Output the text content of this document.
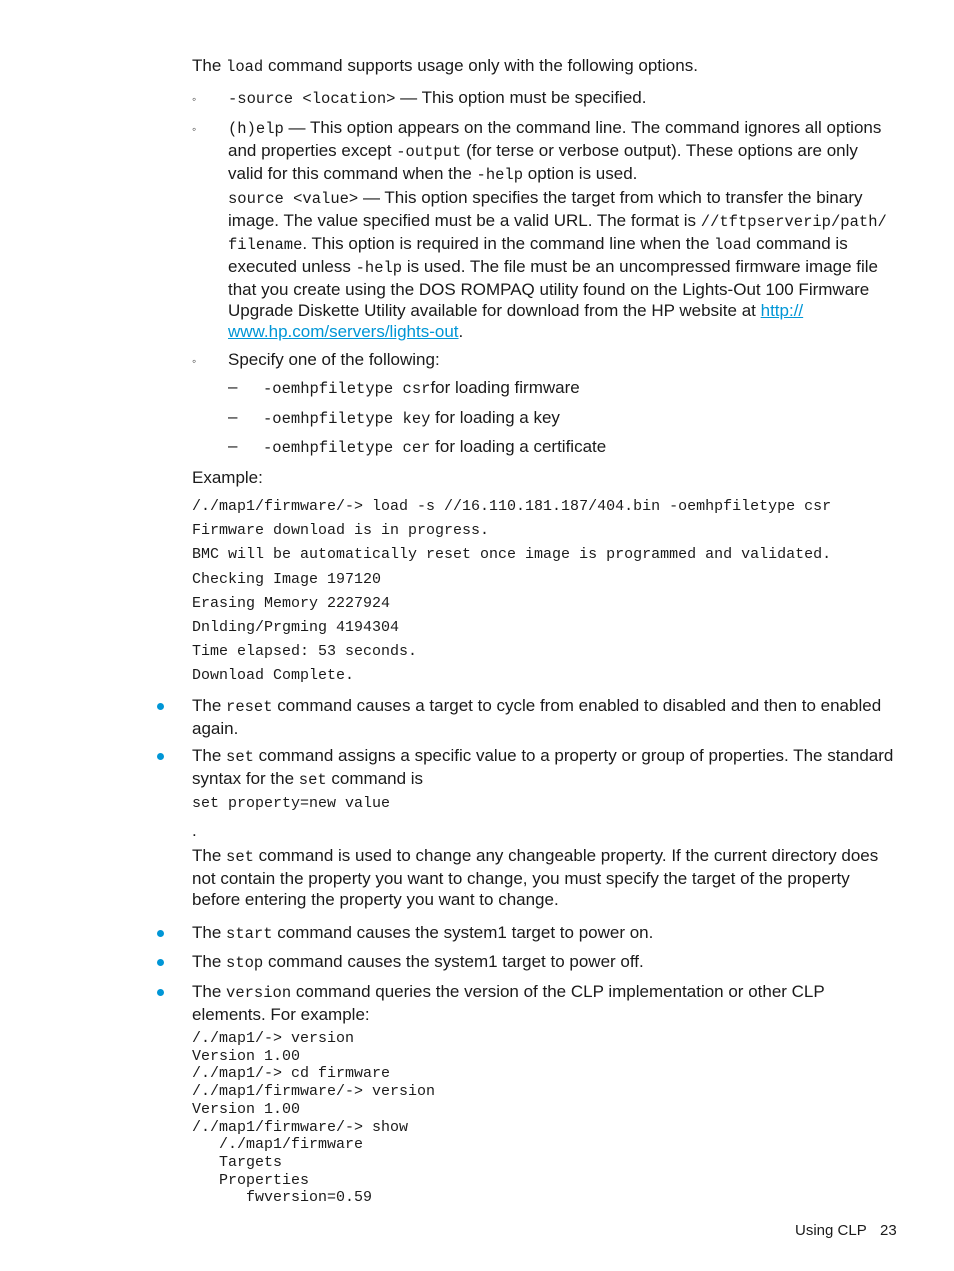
The load command supports usage only with the following options.

◦ -source <location> — This option must be specified.

◦ (h)elp — This option appears on the command line. The command ignores all options and properties except -output (for terse or verbose output). These options are only valid for this command when the -help option is used.

source <value> — This option specifies the target from which to transfer the binary image. The value specified must be a valid URL. The format is //tftpserverip/path/ filename. This option is required in the command line when the load command is executed unless -help is used. The file must be an uncompressed firmware image file that you create using the DOS ROMPAQ utility found on the Lights-Out 100 Firmware Upgrade Diskette Utility available for download from the HP website at http:// www.hp.com/servers/lights-out.

◦ Specify one of the following:

– -oemhpfiletype csrfor loading firmware

– -oemhpfiletype key for loading a key

– -oemhpfiletype cer for loading a certificate

Example:

/./map1/firmware/-> load -s //16.110.181.187/404.bin -oemhpfiletype csr
Firmware download is in progress.
BMC will be automatically reset once image is programmed and validated.
Checking Image 197120
Erasing Memory 2227924
Dnlding/Prgming 4194304
Time elapsed: 53 seconds.
Download Complete.

The reset command causes a target to cycle from enabled to disabled and then to enabled again.

The set command assigns a specific value to a property or group of properties. The standard syntax for the set command is

set property=new value

.

The set command is used to change any changeable property. If the current directory does not contain the property you want to change, you must specify the target of the property before entering the property you want to change.

The start command causes the system1 target to power on.

The stop command causes the system1 target to power off.

The version command queries the version of the CLP implementation or other CLP elements. For example:

/./map1/-> version
Version 1.00
/./map1/-> cd firmware
/./map1/firmware/-> version
Version 1.00
/./map1/firmware/-> show
/./map1/firmware
Targets
Properties
fwversion=0.59
Using CLP 23
